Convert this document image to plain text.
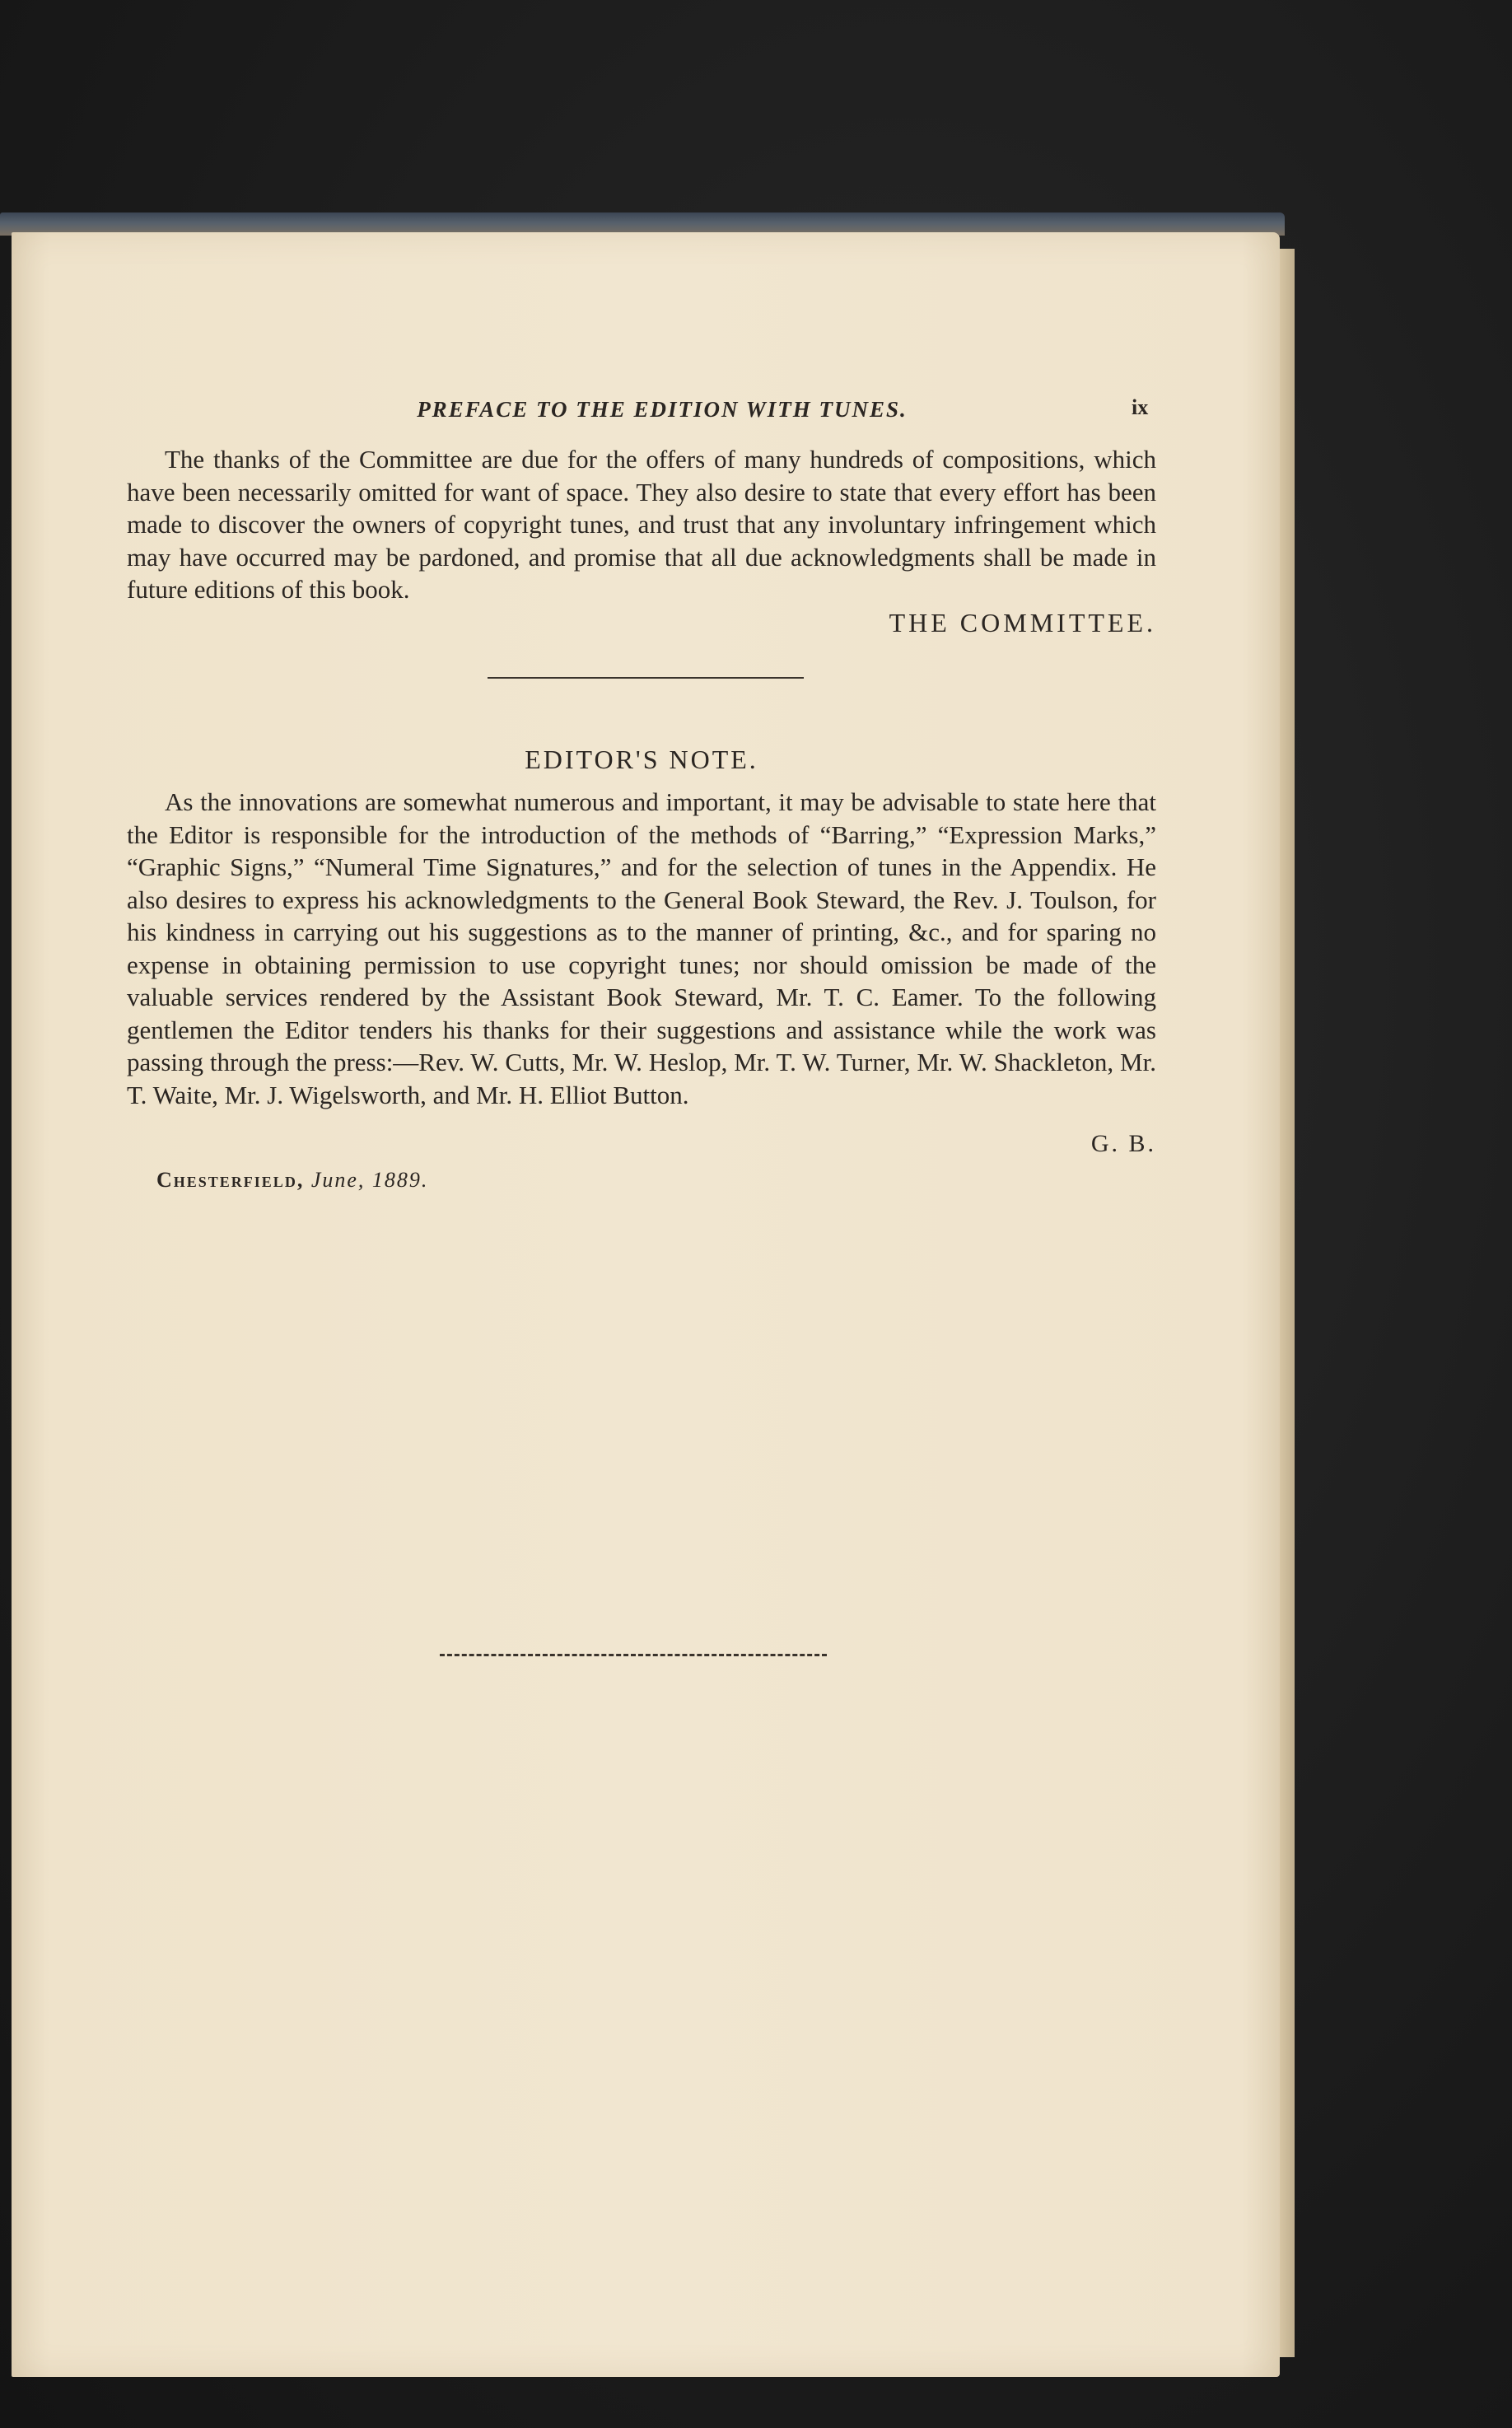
PREFACE TO THE EDITION WITH TUNES.	ix
The thanks of the Committee are due for the offers of many hundreds of compositions, which have been necessarily omitted for want of space. They also desire to state that every effort has been made to discover the owners of copyright tunes, and trust that any involuntary infringement which may have occurred may be pardoned, and promise that all due acknowledgments shall be made in future editions of this book.
THE COMMITTEE.
EDITOR'S NOTE.
As the innovations are somewhat numerous and important, it may be advisable to state here that the Editor is responsible for the introduction of the methods of “Barring,” “Expression Marks,” “Graphic Signs,” “Numeral Time Signatures,” and for the selection of tunes in the Appendix. He also desires to express his acknowledgments to the General Book Steward, the Rev. J. Toulson, for his kindness in carrying out his suggestions as to the manner of printing, &c., and for sparing no expense in obtaining permission to use copyright tunes; nor should omission be made of the valuable services rendered by the Assistant Book Steward, Mr. T. C. Eamer. To the following gentlemen the Editor tenders his thanks for their suggestions and assistance while the work was passing through the press:—Rev. W. Cutts, Mr. W. Heslop, Mr. T. W. Turner, Mr. W. Shackleton, Mr. T. Waite, Mr. J. Wigelsworth, and Mr. H. Elliot Button.
G. B.
Chesterfield, June, 1889.
